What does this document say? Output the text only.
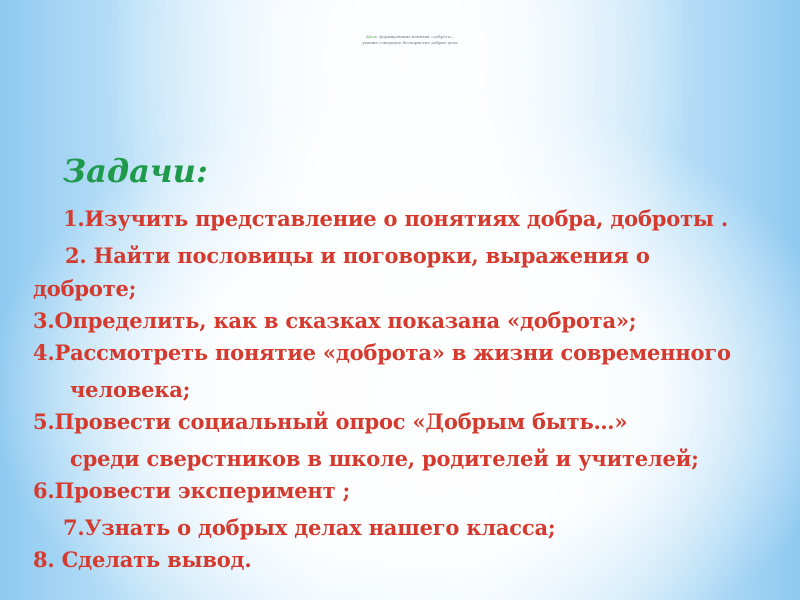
Цель: формирование понятия «доброта»,
умение совершать бескорыстно добрые дела
Задачи:
1.Изучить представление о понятиях добра, доброты .
2. Найти пословицы и поговорки, выражения о
доброте;
3.Определить, как в сказках показана «доброта»;
4.Рассмотреть понятие «доброта» в жизни современного
человека;
5.Провести социальный опрос «Добрым быть…»
среди сверстников в школе, родителей и учителей;
6.Провести эксперимент ;
7.Узнать о добрых делах нашего класса;
8. Сделать вывод.
